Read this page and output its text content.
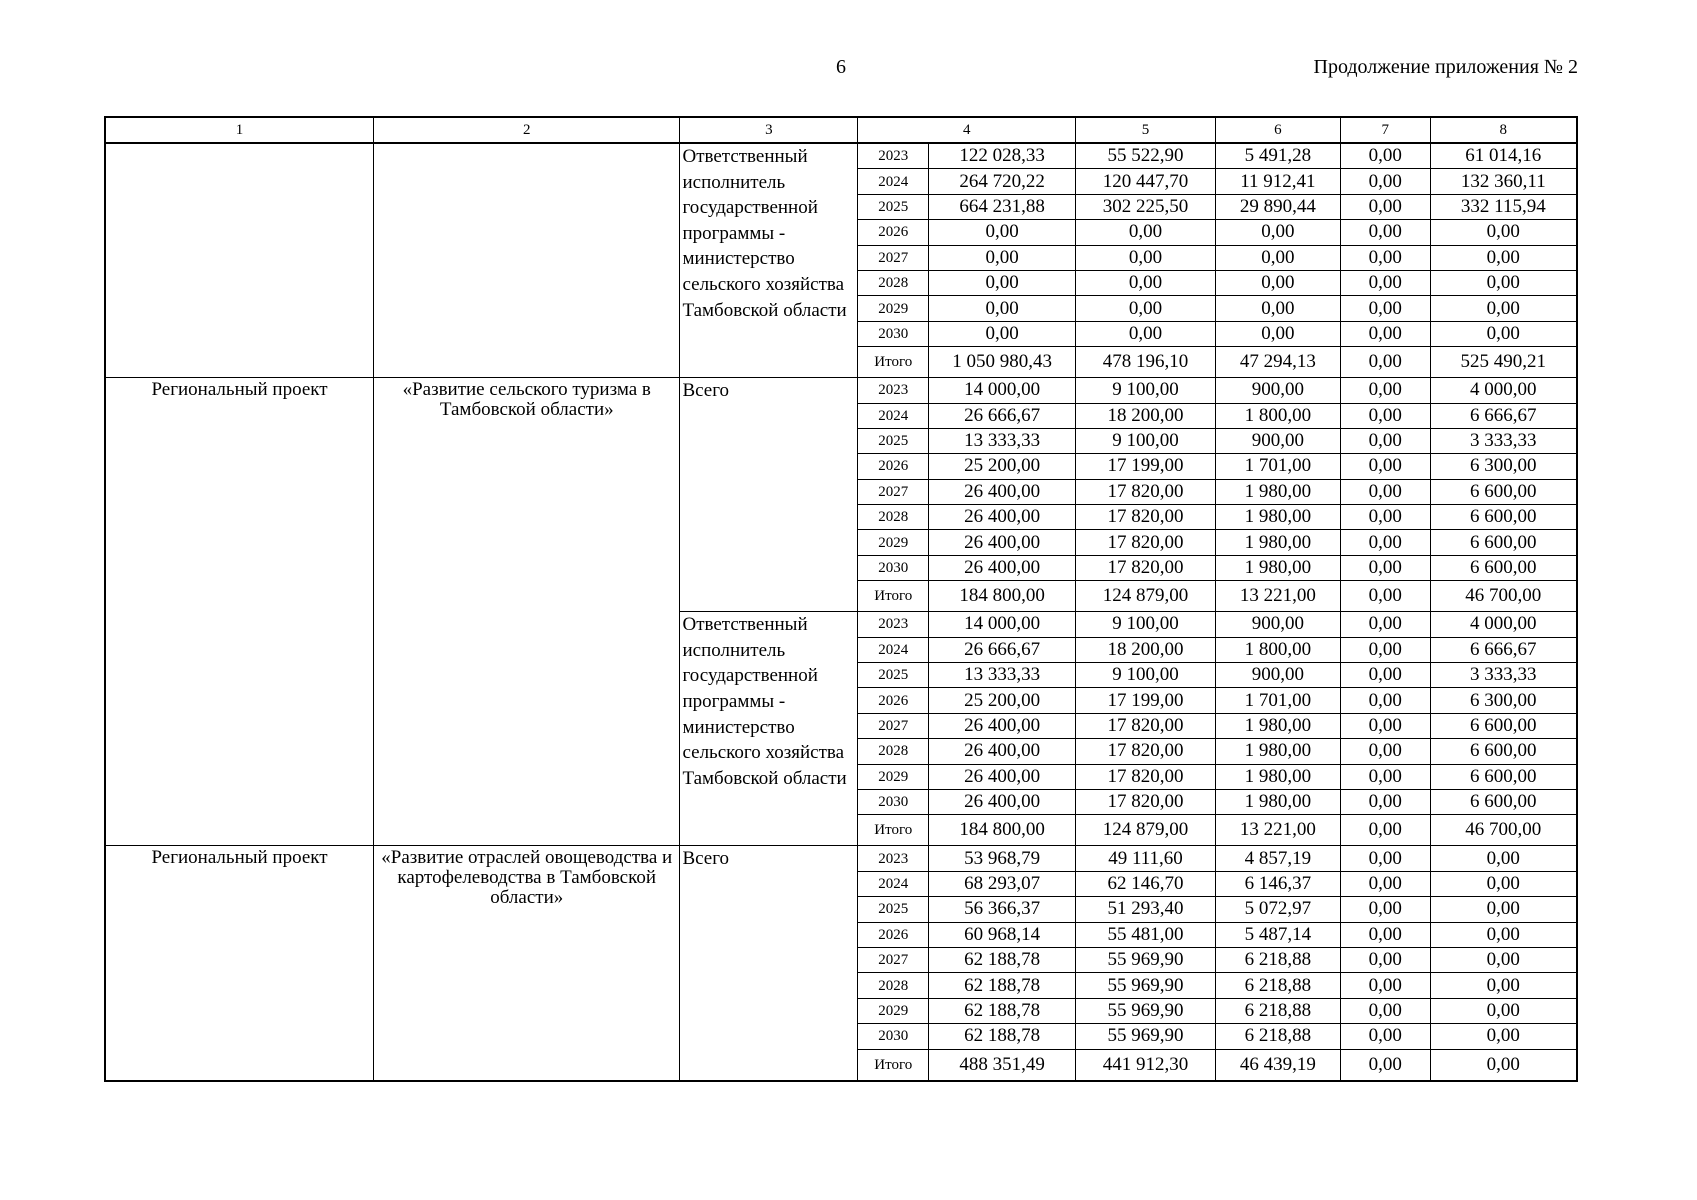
6	Продолжение приложения № 2
1	2	3	4		5	6	7	8
		Ответственный исполнитель государственной программы - министерство сельского хозяйства Тамбовской области	2023	122 028,33	55 522,90	5 491,28	0,00	61 014,16
			2024	264 720,22	120 447,70	11 912,41	0,00	132 360,11
			2025	664 231,88	302 225,50	29 890,44	0,00	332 115,94
			2026	0,00	0,00	0,00	0,00	0,00
			2027	0,00	0,00	0,00	0,00	0,00
			2028	0,00	0,00	0,00	0,00	0,00
			2029	0,00	0,00	0,00	0,00	0,00
			2030	0,00	0,00	0,00	0,00	0,00
			Итого	1 050 980,43	478 196,10	47 294,13	0,00	525 490,21
Региональный проект	«Развитие сельского туризма в Тамбовской области»	Всего	2023	14 000,00	9 100,00	900,00	0,00	4 000,00
			2024	26 666,67	18 200,00	1 800,00	0,00	6 666,67
			2025	13 333,33	9 100,00	900,00	0,00	3 333,33
			2026	25 200,00	17 199,00	1 701,00	0,00	6 300,00
			2027	26 400,00	17 820,00	1 980,00	0,00	6 600,00
			2028	26 400,00	17 820,00	1 980,00	0,00	6 600,00
			2029	26 400,00	17 820,00	1 980,00	0,00	6 600,00
			2030	26 400,00	17 820,00	1 980,00	0,00	6 600,00
			Итого	184 800,00	124 879,00	13 221,00	0,00	46 700,00
		Ответственный исполнитель государственной программы - министерство сельского хозяйства Тамбовской области	2023	14 000,00	9 100,00	900,00	0,00	4 000,00
			2024	26 666,67	18 200,00	1 800,00	0,00	6 666,67
			2025	13 333,33	9 100,00	900,00	0,00	3 333,33
			2026	25 200,00	17 199,00	1 701,00	0,00	6 300,00
			2027	26 400,00	17 820,00	1 980,00	0,00	6 600,00
			2028	26 400,00	17 820,00	1 980,00	0,00	6 600,00
			2029	26 400,00	17 820,00	1 980,00	0,00	6 600,00
			2030	26 400,00	17 820,00	1 980,00	0,00	6 600,00
			Итого	184 800,00	124 879,00	13 221,00	0,00	46 700,00
Региональный проект	«Развитие отраслей овощеводства и картофелеводства в Тамбовской области»	Всего	2023	53 968,79	49 111,60	4 857,19	0,00	0,00
			2024	68 293,07	62 146,70	6 146,37	0,00	0,00
			2025	56 366,37	51 293,40	5 072,97	0,00	0,00
			2026	60 968,14	55 481,00	5 487,14	0,00	0,00
			2027	62 188,78	55 969,90	6 218,88	0,00	0,00
			2028	62 188,78	55 969,90	6 218,88	0,00	0,00
			2029	62 188,78	55 969,90	6 218,88	0,00	0,00
			2030	62 188,78	55 969,90	6 218,88	0,00	0,00
			Итого	488 351,49	441 912,30	46 439,19	0,00	0,00
